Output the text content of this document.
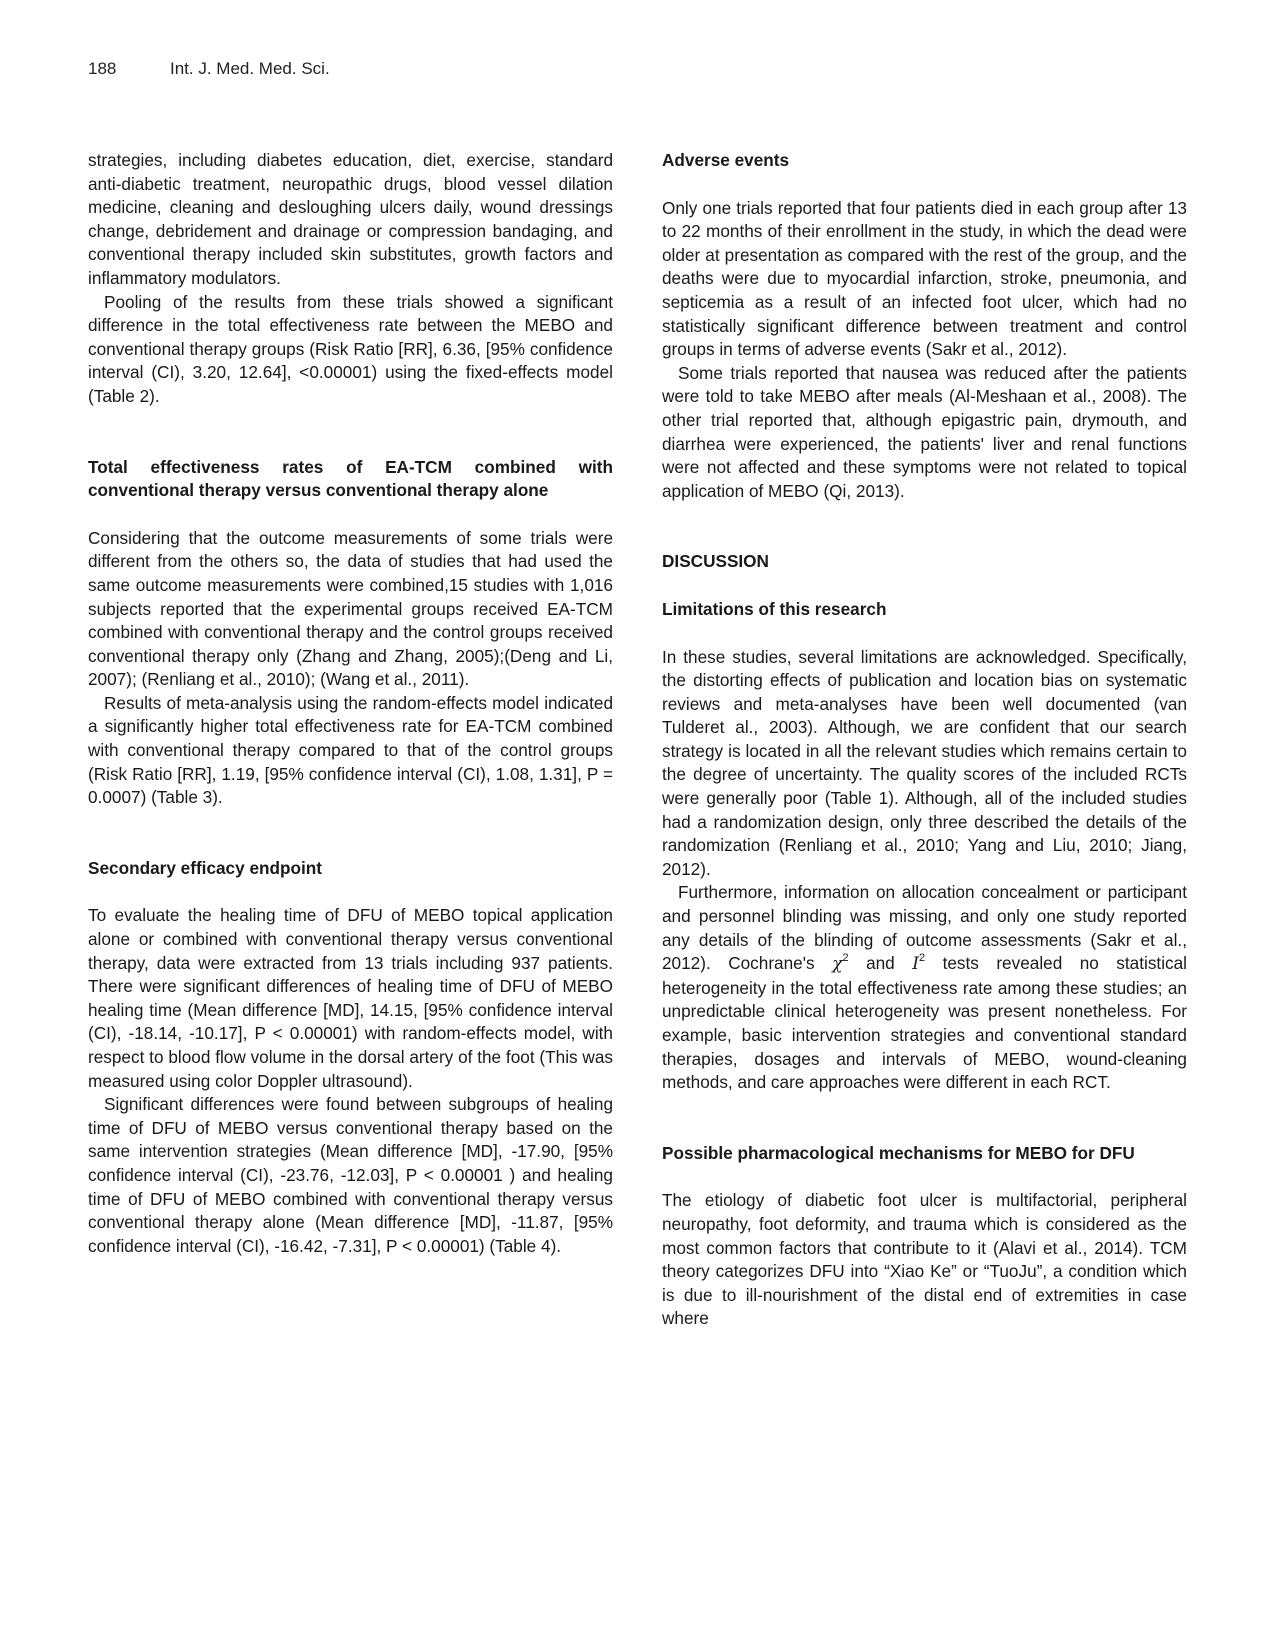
188	Int. J. Med. Med. Sci.

strategies, including diabetes education, diet, exercise, standard anti-diabetic treatment, neuropathic drugs, blood vessel dilation medicine, cleaning and desloughing ulcers daily, wound dressings change, debridement and drainage or compression bandaging, and conventional therapy included skin substitutes, growth factors and inflammatory modulators.

Pooling of the results from these trials showed a significant difference in the total effectiveness rate between the MEBO and conventional therapy groups (Risk Ratio [RR], 6.36, [95% confidence interval (CI), 3.20, 12.64], <0.00001) using the fixed-effects model (Table 2).

Total effectiveness rates of EA-TCM combined with conventional therapy versus conventional therapy alone

Considering that the outcome measurements of some trials were different from the others so, the data of studies that had used the same outcome measurements were combined,15 studies with 1,016 subjects reported that the experimental groups received EA-TCM combined with conventional therapy and the control groups received conventional therapy only (Zhang and Zhang, 2005);(Deng and Li, 2007); (Renliang et al., 2010); (Wang et al., 2011).

Results of meta-analysis using the random-effects model indicated a significantly higher total effectiveness rate for EA-TCM combined with conventional therapy compared to that of the control groups (Risk Ratio [RR], 1.19, [95% confidence interval (CI), 1.08, 1.31], P = 0.0007) (Table 3).

Secondary efficacy endpoint

To evaluate the healing time of DFU of MEBO topical application alone or combined with conventional therapy versus conventional therapy, data were extracted from 13 trials including 937 patients. There were significant differences of healing time of DFU of MEBO healing time (Mean difference [MD], 14.15, [95% confidence interval (CI), -18.14, -10.17], P < 0.00001) with random-effects model, with respect to blood flow volume in the dorsal artery of the foot (This was measured using color Doppler ultrasound).

Significant differences were found between subgroups of healing time of DFU of MEBO versus conventional therapy based on the same intervention strategies (Mean difference [MD], -17.90, [95% confidence interval (CI), -23.76, -12.03], P < 0.00001 ) and healing time of DFU of MEBO combined with conventional therapy versus conventional therapy alone (Mean difference [MD], -11.87, [95% confidence interval (CI), -16.42, -7.31], P < 0.00001) (Table 4).

Adverse events

Only one trials reported that four patients died in each group after 13 to 22 months of their enrollment in the study, in which the dead were older at presentation as compared with the rest of the group, and the deaths were due to myocardial infarction, stroke, pneumonia, and septicemia as a result of an infected foot ulcer, which had no statistically significant difference between treatment and control groups in terms of adverse events (Sakr et al., 2012).

Some trials reported that nausea was reduced after the patients were told to take MEBO after meals (Al-Meshaan et al., 2008). The other trial reported that, although epigastric pain, drymouth, and diarrhea were experienced, the patients' liver and renal functions were not affected and these symptoms were not related to topical application of MEBO (Qi, 2013).

DISCUSSION
Limitations of this research

In these studies, several limitations are acknowledged. Specifically, the distorting effects of publication and location bias on systematic reviews and meta-analyses have been well documented (van Tulderet al., 2003). Although, we are confident that our search strategy is located in all the relevant studies which remains certain to the degree of uncertainty. The quality scores of the included RCTs were generally poor (Table 1). Although, all of the included studies had a randomization design, only three described the details of the randomization (Renliang et al., 2010; Yang and Liu, 2010; Jiang, 2012).

Furthermore, information on allocation concealment or participant and personnel blinding was missing, and only one study reported any details of the blinding of outcome assessments (Sakr et al., 2012). Cochrane's $\chi^2$ and $I^2$ tests revealed no statistical heterogeneity in the total effectiveness rate among these studies; an unpredictable clinical heterogeneity was present nonetheless. For example, basic intervention strategies and conventional standard therapies, dosages and intervals of MEBO, wound-cleaning methods, and care approaches were different in each RCT.

Possible pharmacological mechanisms for MEBO for DFU

The etiology of diabetic foot ulcer is multifactorial, peripheral neuropathy, foot deformity, and trauma which is considered as the most common factors that contribute to it (Alavi et al., 2014). TCM theory categorizes DFU into “Xiao Ke” or “TuoJu”, a condition which is due to ill-nourishment of the distal end of extremities in case where
